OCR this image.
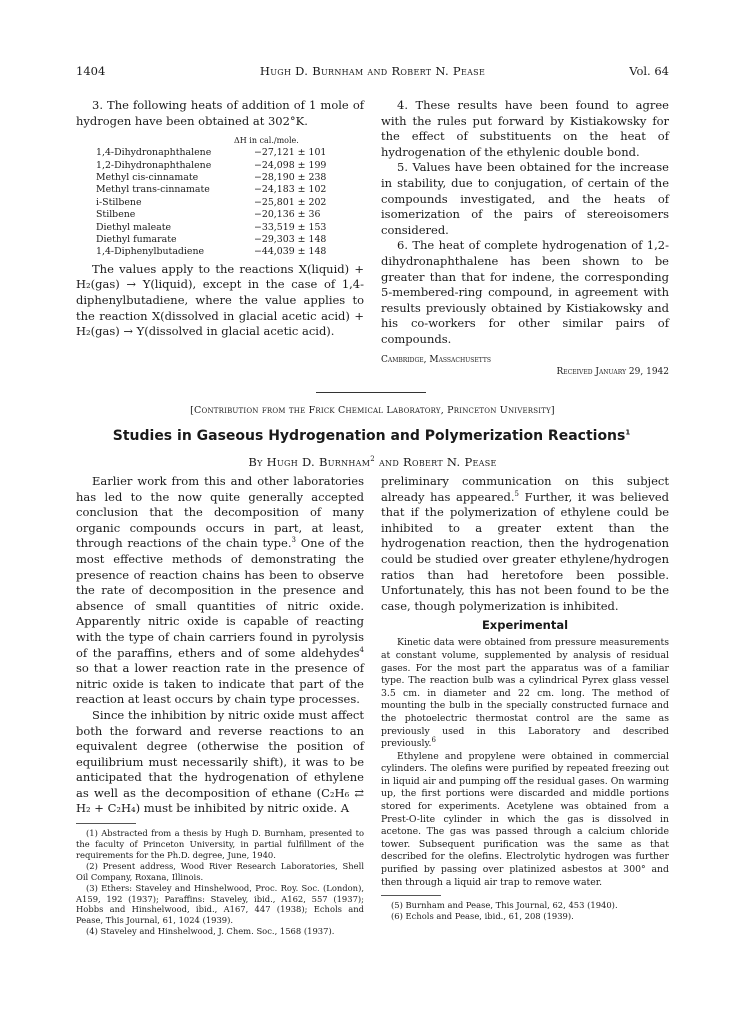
1404	Hugh D. Burnham and Robert N. Pease	Vol. 64

3. The following heats of addition of 1 mole of hydrogen have been obtained at 302°K.

ΔH in cal./mole.
1,4-Dihydronaphthalene	−27,121 ± 101
1,2-Dihydronaphthalene	−24,098 ± 199
Methyl cis-cinnamate	−28,190 ± 238
Methyl trans-cinnamate	−24,183 ± 102
i-Stilbene	−25,801 ± 202
Stilbene	−20,136 ± 36
Diethyl maleate	−33,519 ± 153
Diethyl fumarate	−29,303 ± 148
1,4-Diphenylbutadiene	−44,039 ± 148

The values apply to the reactions X(liquid) + H₂(gas) → Y(liquid), except in the case of 1,4-diphenylbutadiene, where the value applies to the reaction X(dissolved in glacial acetic acid) + H₂(gas) → Y(dissolved in glacial acetic acid).

4. These results have been found to agree with the rules put forward by Kistiakowsky for the effect of substituents on the heat of hydrogenation of the ethylenic double bond.

5. Values have been obtained for the increase in stability, due to conjugation, of certain of the compounds investigated, and the heats of isomerization of the pairs of stereoisomers considered.

6. The heat of complete hydrogenation of 1,2-dihydronaphthalene has been shown to be greater than that for indene, the corresponding 5-membered-ring compound, in agreement with results previously obtained by Kistiakowsky and his co-workers for other similar pairs of compounds.

Cambridge, Massachusetts
Received January 29, 1942
[Contribution from the Frick Chemical Laboratory, Princeton University]
Studies in Gaseous Hydrogenation and Polymerization Reactions$^1$
By Hugh D. Burnham$^2$ and Robert N. Pease

Earlier work from this and other laboratories has led to the now quite generally accepted conclusion that the decomposition of many organic compounds occurs in part, at least, through reactions of the chain type.$^3$ One of the most effective methods of demonstrating the presence of reaction chains has been to observe the rate of decomposition in the presence and absence of small quantities of nitric oxide. Apparently nitric oxide is capable of reacting with the type of chain carriers found in pyrolysis of the paraffins, ethers and of some aldehydes$^4$ so that a lower reaction rate in the presence of nitric oxide is taken to indicate that part of the reaction at least occurs by chain type processes.

Since the inhibition by nitric oxide must affect both the forward and reverse reactions to an equivalent degree (otherwise the position of equilibrium must necessarily shift), it was to be anticipated that the hydrogenation of ethylene as well as the decomposition of ethane (C₂H₆ ⇄ H₂ + C₂H₄) must be inhibited by nitric oxide. A

(1) Abstracted from a thesis by Hugh D. Burnham, presented to the faculty of Princeton University, in partial fulfillment of the requirements for the Ph.D. degree, June, 1940.

(2) Present address, Wood River Research Laboratories, Shell Oil Company, Roxana, Illinois.

(3) Ethers: Staveley and Hinshelwood, Proc. Roy. Soc. (London), A159, 192 (1937); Paraffins: Staveley, ibid., A162, 557 (1937); Hobbs and Hinshelwood, ibid., A167, 447 (1938); Echols and Pease, This Journal, 61, 1024 (1939).

(4) Staveley and Hinshelwood, J. Chem. Soc., 1568 (1937).

preliminary communication on this subject already has appeared.$^5$ Further, it was believed that if the polymerization of ethylene could be inhibited to a greater extent than the hydrogenation reaction, then the hydrogenation could be studied over greater ethylene/hydrogen ratios than had heretofore been possible. Unfortunately, this has not been found to be the case, though polymerization is inhibited.

Experimental

Kinetic data were obtained from pressure measurements at constant volume, supplemented by analysis of residual gases. For the most part the apparatus was of a familiar type. The reaction bulb was a cylindrical Pyrex glass vessel 3.5 cm. in diameter and 22 cm. long. The method of mounting the bulb in the specially constructed furnace and the photoelectric thermostat control are the same as previously used in this Laboratory and described previously.$^6$

Ethylene and propylene were obtained in commercial cylinders. The olefins were purified by repeated freezing out in liquid air and pumping off the residual gases. On warming up, the first portions were discarded and middle portions stored for experiments. Acetylene was obtained from a Prest-O-lite cylinder in which the gas is dissolved in acetone. The gas was passed through a calcium chloride tower. Subsequent purification was the same as that described for the olefins. Electrolytic hydrogen was further purified by passing over platinized asbestos at 300° and then through a liquid air trap to remove water.

(5) Burnham and Pease, This Journal, 62, 453 (1940).

(6) Echols and Pease, ibid., 61, 208 (1939).
